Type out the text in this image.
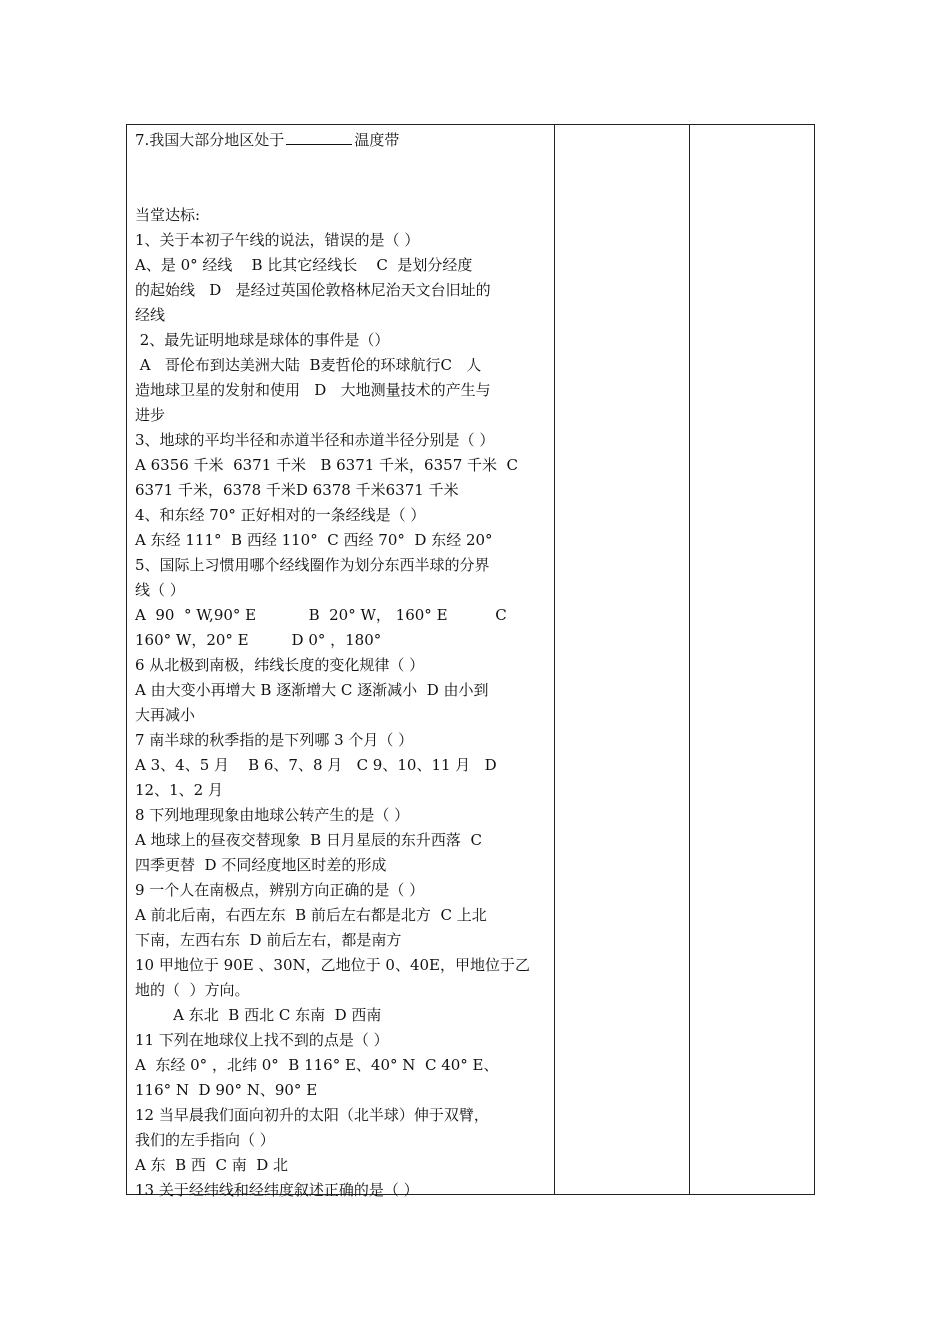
7.我国大部分地区处于	温度带
当堂达标:
1、关于本初子午线的说法，错误的是（ ）
A、是 0° 经线    B 比其它经线长    C  是划分经度
的起始线   D   是经过英国伦敦格林尼治天文台旧址的
经线
2、最先证明地球是球体的事件是（）
A   哥伦布到达美洲大陆  B麦哲伦的环球航行C   人
造地球卫星的发射和使用   D   大地测量技术的产生与
进步
3、地球的平均半径和赤道半径和赤道半径分别是（ ）
A 6356 千米  6371 千米   B 6371 千米，6357 千米  C
6371 千米，6378 千米D 6378 千米6371 千米
4、和东经 70° 正好相对的一条经线是（ ）
A 东经 111°  B 西经 110°  C 西经 70°  D 东经 20°
5、国际上习惯用哪个经线圈作为划分东西半球的分界
线（ ）
A  90  ° W,90° E           B  20° W， 160° E          C
160° W，20° E         D 0° ，180°
6 从北极到南极，纬线长度的变化规律（ ）
A 由大变小再增大 B 逐渐增大 C 逐渐减小  D 由小到
大再减小
7 南半球的秋季指的是下列哪 3 个月（ ）
A 3、4、5 月    B 6、7、8 月   C 9、10、11 月   D
12、1、2 月
8 下列地理现象由地球公转产生的是（ ）
A 地球上的昼夜交替现象  B 日月星辰的东升西落  C
四季更替  D 不同经度地区时差的形成
9 一个人在南极点，辨别方向正确的是（ ）
A 前北后南，右西左东  B 前后左右都是北方  C 上北
下南，左西右东  D 前后左右，都是南方
10 甲地位于 90E 、30N，乙地位于 0、40E，甲地位于乙
地的（  ）方向。
A 东北  B 西北 C 东南  D 西南
11 下列在地球仪上找不到的点是（ ）
A  东经 0° ，北纬 0°  B 116° E、40° N  C 40° E、
116° N  D 90° N、90° E
12 当早晨我们面向初升的太阳（北半球）伸于双臂，
我们的左手指向（ ）
A 东  B 西  C 南  D 北
13 关于经纬线和经纬度叙述正确的是（ ）
